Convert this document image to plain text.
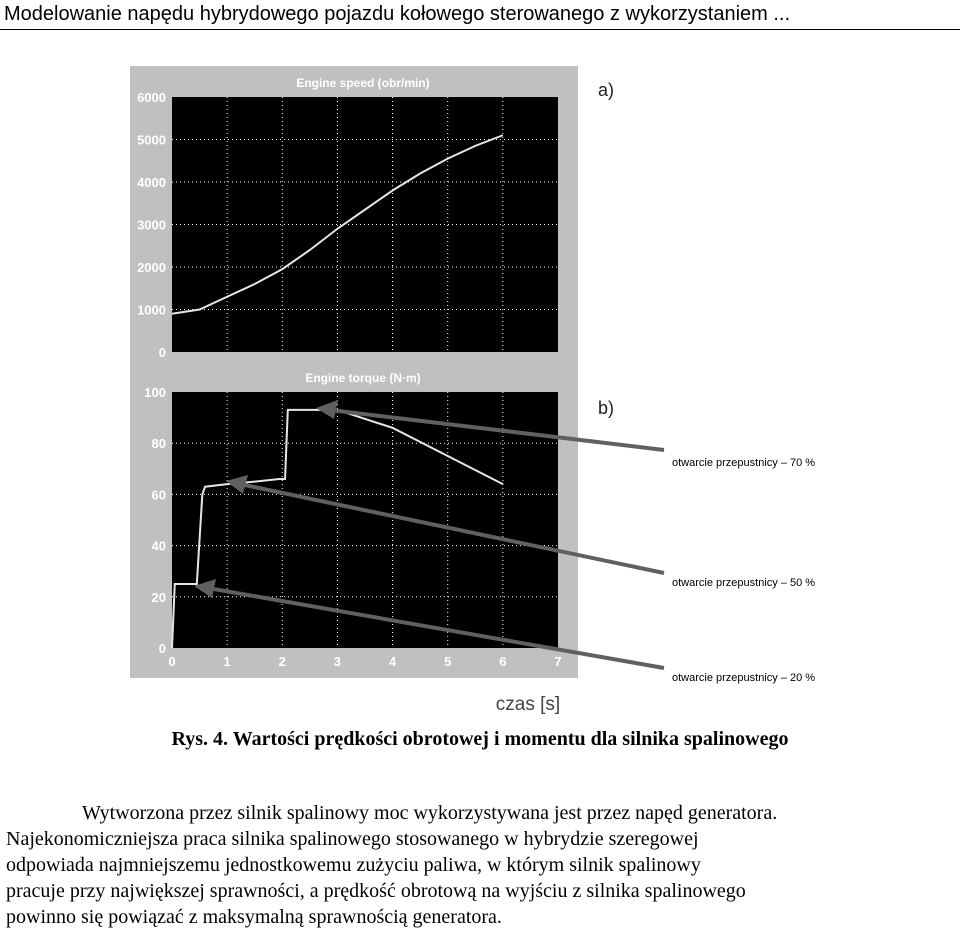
Modelowanie napędu hybrydowego pojazdu kołowego sterowanego z wykorzystaniem ...
0
1000
2000
3000
4000
5000
6000
0
20
40
60
80
100
0	1	2	3	4	5	6	7
Engine speed (obr/min)
Engine torque (N·m)
Prędkość obrotowa [obr/min]
Moment obrotowy [Nm]
a)
b)
otwarcie przepustnicy – 70 %
otwarcie przepustnicy – 50 %
otwarcie przepustnicy – 20 %
czas [s]
Rys. 4. Wartości prędkości obrotowej i momentu dla silnika spalinowego
Wytworzona przez silnik spalinowy moc wykorzystywana jest przez napęd generatora.
Najekonomiczniejsza praca silnika spalinowego stosowanego w hybrydzie szeregowej
odpowiada najmniejszemu jednostkowemu zużyciu paliwa, w którym silnik spalinowy
pracuje przy największej sprawności, a prędkość obrotową na wyjściu z silnika spalinowego
powinno się powiązać z maksymalną sprawnością generatora.
